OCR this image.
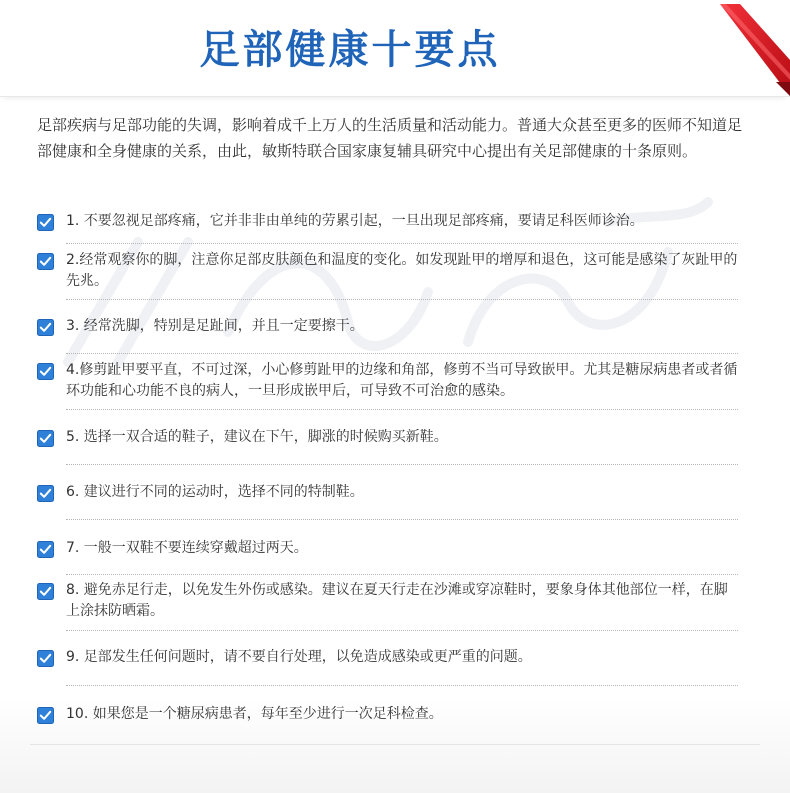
足部健康十要点

足部疾病与足部功能的失调，影响着成千上万人的生活质量和活动能力。普通大众甚至更多的医师不知道足部健康和全身健康的关系，由此，敏斯特联合国家康复辅具研究中心提出有关足部健康的十条原则。

1. 不要忽视足部疼痛，它并非非由单纯的劳累引起，一旦出现足部疼痛，要请足科医师诊治。

2.经常观察你的脚，注意你足部皮肤颜色和温度的变化。如发现趾甲的增厚和退色，这可能是感染了灰趾甲的先兆。

3. 经常洗脚，特别是足趾间，并且一定要擦干。

4.修剪趾甲要平直，不可过深，小心修剪趾甲的边缘和角部，修剪不当可导致嵌甲。尤其是糖尿病患者或者循环功能和心功能不良的病人，一旦形成嵌甲后，可导致不可治愈的感染。

5. 选择一双合适的鞋子，建议在下午，脚涨的时候购买新鞋。

6. 建议进行不同的运动时，选择不同的特制鞋。

7. 一般一双鞋不要连续穿戴超过两天。

8. 避免赤足行走，以免发生外伤或感染。建议在夏天行走在沙滩或穿凉鞋时，要象身体其他部位一样，在脚上涂抹防晒霜。

9. 足部发生任何问题时，请不要自行处理，以免造成感染或更严重的问题。

10. 如果您是一个糖尿病患者，每年至少进行一次足科检查。
